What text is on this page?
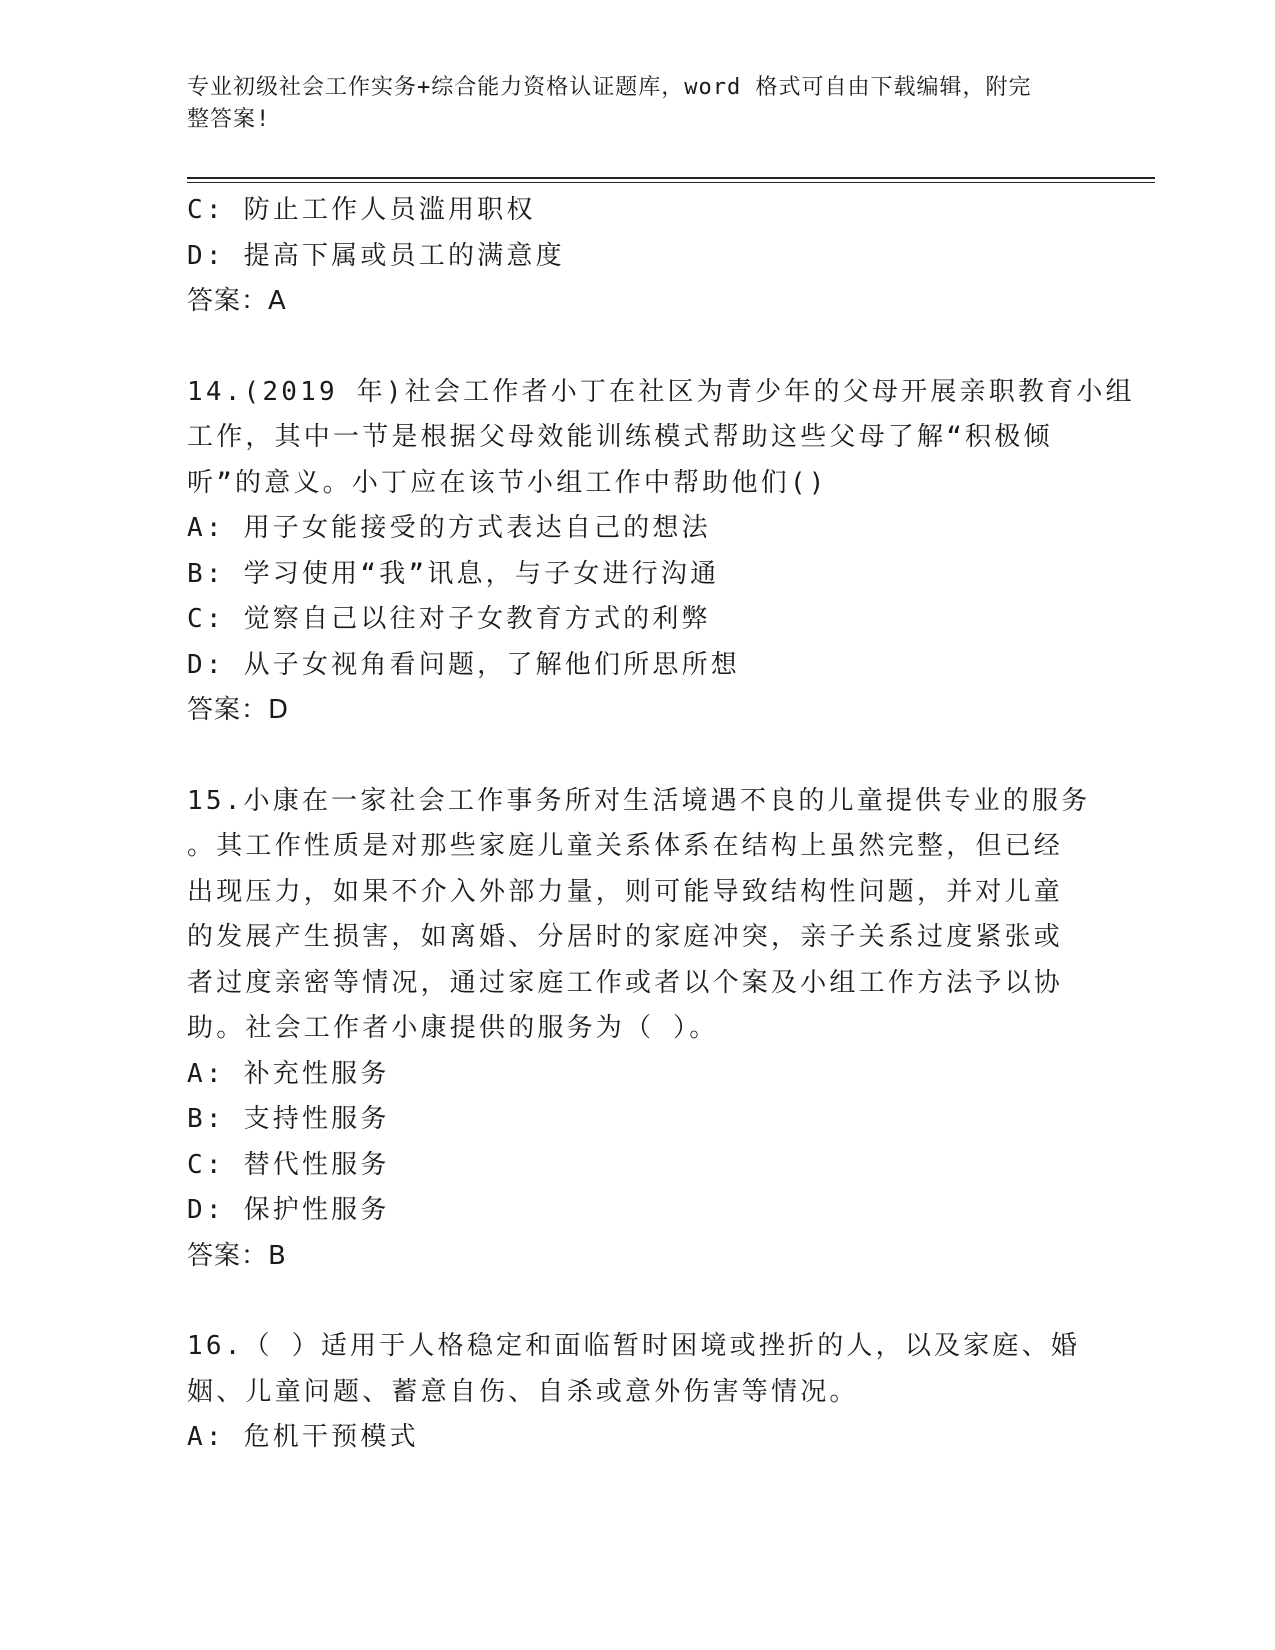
专业初级社会工作实务+综合能力资格认证题库，word 格式可自由下载编辑，附完
整答案!
C: 防止工作人员滥用职权
D: 提高下属或员工的满意度
答案：A
14.(2019 年)社会工作者小丁在社区为青少年的父母开展亲职教育小组
工作，其中一节是根据父母效能训练模式帮助这些父母了解“积极倾
听”的意义。小丁应在该节小组工作中帮助他们()
A: 用子女能接受的方式表达自己的想法
B: 学习使用“我”讯息，与子女进行沟通
C: 觉察自己以往对子女教育方式的利弊
D: 从子女视角看问题，了解他们所思所想
答案：D
15.小康在一家社会工作事务所对生活境遇不良的儿童提供专业的服务
。其工作性质是对那些家庭儿童关系体系在结构上虽然完整，但已经
出现压力，如果不介入外部力量，则可能导致结构性问题，并对儿童
的发展产生损害，如离婚、分居时的家庭冲突，亲子关系过度紧张或
者过度亲密等情况，通过家庭工作或者以个案及小组工作方法予以协
助。社会工作者小康提供的服务为（ ）。
A: 补充性服务
B: 支持性服务
C: 替代性服务
D: 保护性服务
答案：B
16.（ ）适用于人格稳定和面临暂时困境或挫折的人，以及家庭、婚
姻、儿童问题、蓄意自伤、自杀或意外伤害等情况。
A: 危机干预模式
